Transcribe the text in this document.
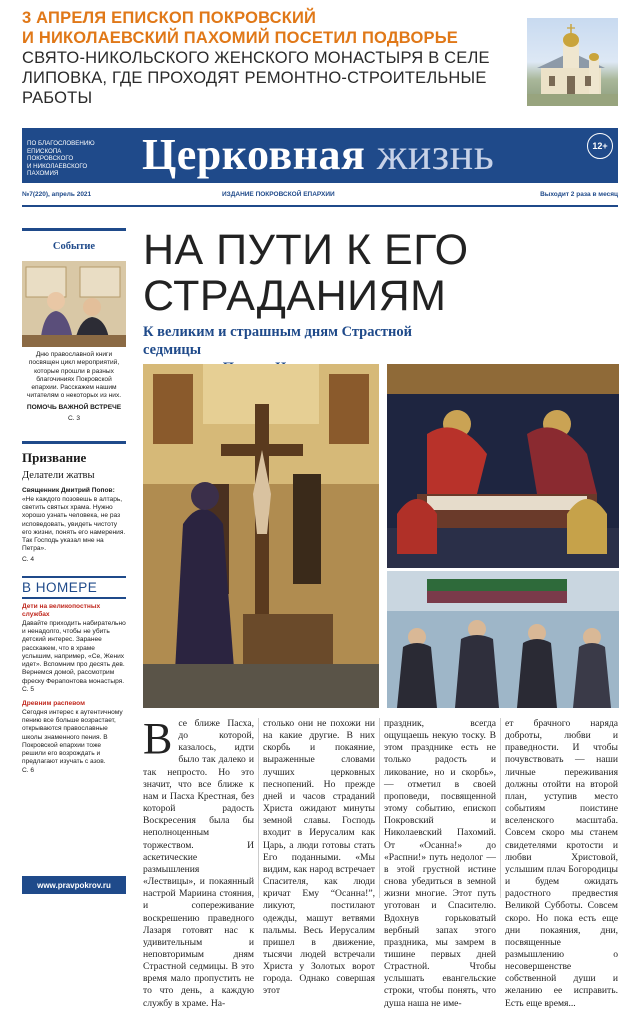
3 АПРЕЛЯ ЕПИСКОП ПОКРОВСКИЙ
И НИКОЛАЕВСКИЙ ПАХОМИЙ ПОСЕТИЛ ПОДВОРЬЕ
СВЯТО-НИКОЛЬСКОГО ЖЕНСКОГО МОНАСТЫРЯ В СЕЛЕ
ЛИПОВКА, ГДЕ ПРОХОДЯТ РЕМОНТНО-СТРОИТЕЛЬНЫЕ РАБОТЫ
ПО БЛАГОСЛОВЕНИЮ
ЕПИСКОПА
ПОКРОВСКОГО
И НИКОЛАЕВСКОГО
ПАХОМИЯ	Церковная жизнь	12+
№7(220), апрель 2021	ИЗДАНИЕ ПОКРОВСКОЙ ЕПАРХИИ	Выходит 2 раза в месяц
Событие
Дню православной книги посвящен цикл мероприятий, которые прошли в разных благочиниях Покровской епархии. Расскажем нашим читателям о некоторых из них.
ПОМОЧЬ ВАЖНОЙ ВСТРЕЧЕ
С. 3
Призвание
Делатели жатвы
Священник Дмитрий Попов: «Не каждого позовешь в алтарь, светить святых храма. Нужно хорошо узнать человека, не раз исповедовать, увидеть чистоту его жизни, понять его намерения. Так Господь указал мне на Петра».
С. 4
В НОМЕРЕ
Дети на великопостных службах
Давайте приходить набирательно и ненадолго, чтобы не убить детский интерес. Заранее расскажем, что в храме услышим, например, «Се, Жених идет». Вспомним про десять дев. Вернемся домой, рассмотрим фреску Ферапонтова монастыря.
С. 5
Древним распевом
Сегодня интерес к аутентичному пению все больше возрастает, открываются православные школы знаменного пения. В Покровской епархии тоже решили его возрождать и предлагают изучать с азов.
С. 6
www.pravpokrov.ru
НА ПУТИ К ЕГО
СТРАДАНИЯМ
К великим и страшным дням Страстной седмицы
Все ближе Пасха, до которой, казалось, идти было так далеко и так непросто. Но это значит, что все ближе к нам и Пасха Крестная, без которой радость Воскресения была бы неполноценным торжеством. И аскетические размышления «Лествицы», и покаянный настрой Мариина стояния, и сопереживание воскрешению праведного Лазаря готовят нас к удивительным и неповторимым дням Страстной седмицы. В это время мало пропустить не то что день, а каждую службу в храме. На-
столько они не похожи ни на какие другие. В них скорбь и покаяние, выраженные словами лучших церковных песнопений. Но прежде дней и часов страданий Христа ожидают минуты земной славы. Господь входит в Иерусалим как Царь, а люди готовы стать Его поданными. «Мы видим, как народ встречает Спасителя, как люди кричат Ему “Осанна!”, ликуют, постилают одежды, машут ветвями пальмы. Весь Иерусалим пришел в движение, тысячи людей встречали Христа у Золотых ворот города. Однако совершая этот
праздник, всегда ощущаешь некую тоску. В этом празднике есть не только радость и ликование, но и скорбь», — отметил в своей проповеди, посвященной этому событию, епископ Покровский и Николаевский Пахомий. От «Осанна!» до «Распни!» путь недолог — в этой грустной истине снова убедиться в земной жизни многие. Этот путь уготован и Спасителю. Вдохнув горьковатый вербный запах этого праздника, мы замрем в тишине первых дней Страстной. Чтобы услышать евангельские строки, чтобы понять, что душа наша не име-
ет брачного наряда доброты, любви и праведности. И чтобы почувствовать — наши личные переживания должны отойти на второй план, уступив место событиям поистине вселенского масштаба. Совсем скоро мы станем свидетелями кротости и любви Христовой, услышим плач Богородицы и будем ожидать радостного предвестия Великой Субботы. Совсем скоро. Но пока есть еще дни покаяния, дни, посвященные размышлению о несовершенстве собственной души и желанию ее исправить. Есть еще время...
